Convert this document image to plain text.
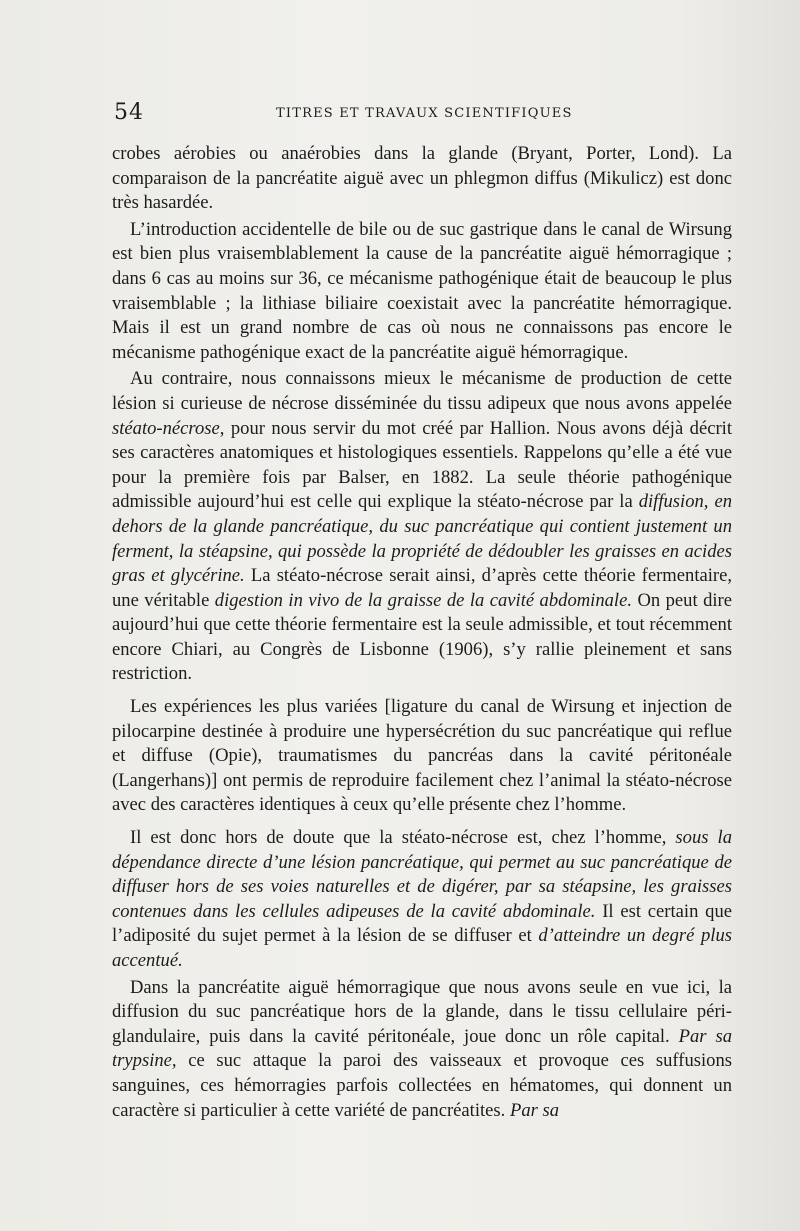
54	TITRES ET TRAVAUX SCIENTIFIQUES

crobes aérobies ou anaérobies dans la glande (Bryant, Porter, Lond). La comparaison de la pancréatite aiguë avec un phlegmon diffus (Mikulicz) est donc très hasardée.

L’introduction accidentelle de bile ou de suc gastrique dans le canal de Wirsung est bien plus vraisemblablement la cause de la pancréatite aiguë hémorragique ; dans 6 cas au moins sur 36, ce mécanisme pathogénique était de beaucoup le plus vraisemblable ; la lithiase biliaire coexistait avec la pancréatite hémorragique. Mais il est un grand nombre de cas où nous ne connaissons pas encore le mécanisme pathogénique exact de la pancréatite aiguë hémorragique.

Au contraire, nous connaissons mieux le mécanisme de production de cette lésion si curieuse de nécrose disséminée du tissu adipeux que nous avons appelée stéato-nécrose, pour nous servir du mot créé par Hallion. Nous avons déjà décrit ses caractères anatomiques et histologiques essentiels. Rappelons qu’elle a été vue pour la première fois par Balser, en 1882. La seule théorie pathogénique admissible aujourd’hui est celle qui explique la stéato-nécrose par la diffusion, en dehors de la glande pancréatique, du suc pancréatique qui contient justement un ferment, la stéapsine, qui possède la propriété de dédoubler les graisses en acides gras et glycérine. La stéato-nécrose serait ainsi, d’après cette théorie fermentaire, une véritable digestion in vivo de la graisse de la cavité abdominale. On peut dire aujourd’hui que cette théorie fermentaire est la seule admissible, et tout récemment encore Chiari, au Congrès de Lisbonne (1906), s’y rallie pleinement et sans restriction.

Les expériences les plus variées [ligature du canal de Wirsung et injection de pilocarpine destinée à produire une hypersécrétion du suc pancréatique qui reflue et diffuse (Opie), traumatismes du pancréas dans la cavité péritonéale (Langerhans)] ont permis de reproduire facilement chez l’animal la stéato-nécrose avec des caractères identiques à ceux qu’elle présente chez l’homme.

Il est donc hors de doute que la stéato-nécrose est, chez l’homme, sous la dépendance directe d’une lésion pancréatique, qui permet au suc pancréatique de diffuser hors de ses voies naturelles et de digérer, par sa stéapsine, les graisses contenues dans les cellules adipeuses de la cavité abdominale. Il est certain que l’adiposité du sujet permet à la lésion de se diffuser et d’atteindre un degré plus accentué.

Dans la pancréatite aiguë hémorragique que nous avons seule en vue ici, la diffusion du suc pancréatique hors de la glande, dans le tissu cellulaire péri-glandulaire, puis dans la cavité péritonéale, joue donc un rôle capital. Par sa trypsine, ce suc attaque la paroi des vaisseaux et provoque ces suffusions sanguines, ces hémorragies parfois collectées en hématomes, qui donnent un caractère si particulier à cette variété de pancréatites. Par sa
